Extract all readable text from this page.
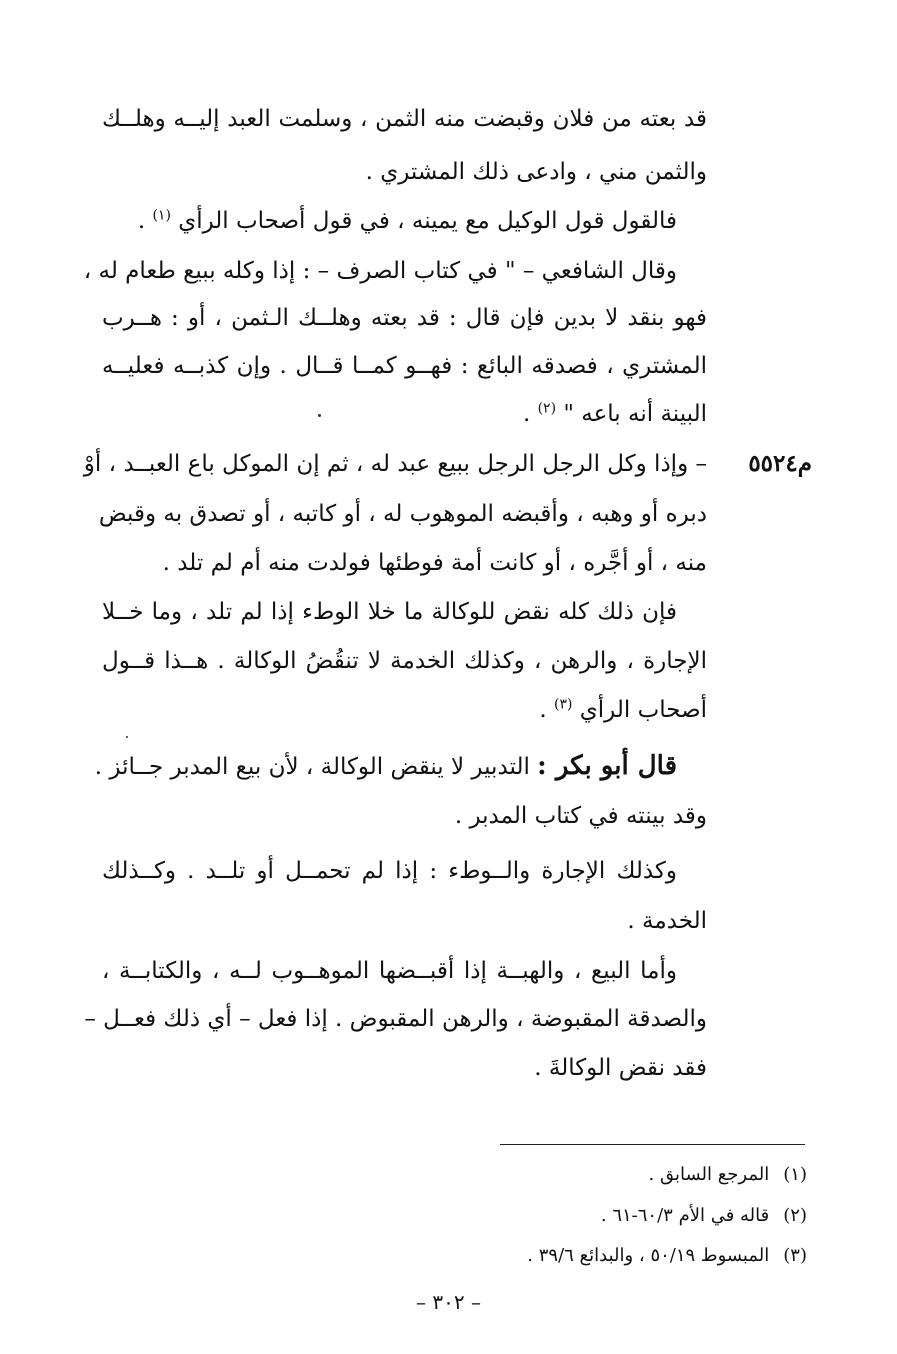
قد بعته من فلان وقبضت منه الثمن ، وسلمت العبد إليــه وهلــك
والثمن مني ، وادعى ذلك المشتري .
فالقول قول الوكيل مع يمينه ، في قول أصحاب الرأي $^{(١)}$ .
وقال الشافعي – " في كتاب الصرف – : إذا وكله ببيع طعام له ،
فهو بنقد لا بدين فإن قال : قد بعته وهلــك الـثمن ، أو : هــرب
المشتري ، فصدقه البائع : فهــو كمــا قــال . وإن كذبــه فعليــه
البينة أنه باعه " $^{(٢)}$ .
م٥٥٢٤
– وإذا وكل الرجل الرجل ببيع عبد له ، ثم إن الموكل باع العبــد ، أوْ
دبره أو وهبه ، وأقبضه الموهوب له ، أو كاتبه ، أو تصدق به وقبض
منه ، أو أجَّره ، أو كانت أمة فوطئها فولدت منه أم لم تلد .
فإن ذلك كله نقض للوكالة ما خلا الوطء إذا لم تلد ، وما خــلا
الإجارة ، والرهن ، وكذلك الخدمة لا تنقُضُ الوكالة . هــذا قــول
أصحاب الرأي $^{(٣)}$ .
قال أبو بكر : التدبير لا ينقض الوكالة ، لأن بيع المدبر جــائز .
وقد بينته في كتاب المدبر .
وكذلك الإجارة والــوطء : إذا لم تحمــل أو تلــد . وكــذلك
الخدمة .
وأما البيع ، والهبــة إذا أقبــضها الموهــوب لــه ، والكتابــة ،
والصدقة المقبوضة ، والرهن المقبوض . إذا فعل – أي ذلك فعــل –
فقد نقض الوكالةَ .
(١)المرجع السابق .
(٢)قاله في الأم ٦٠/٣-٦١ .
(٣)المبسوط ٥٠/١٩ ، والبدائع ٣٩/٦ .
– ٣٠٢ –
